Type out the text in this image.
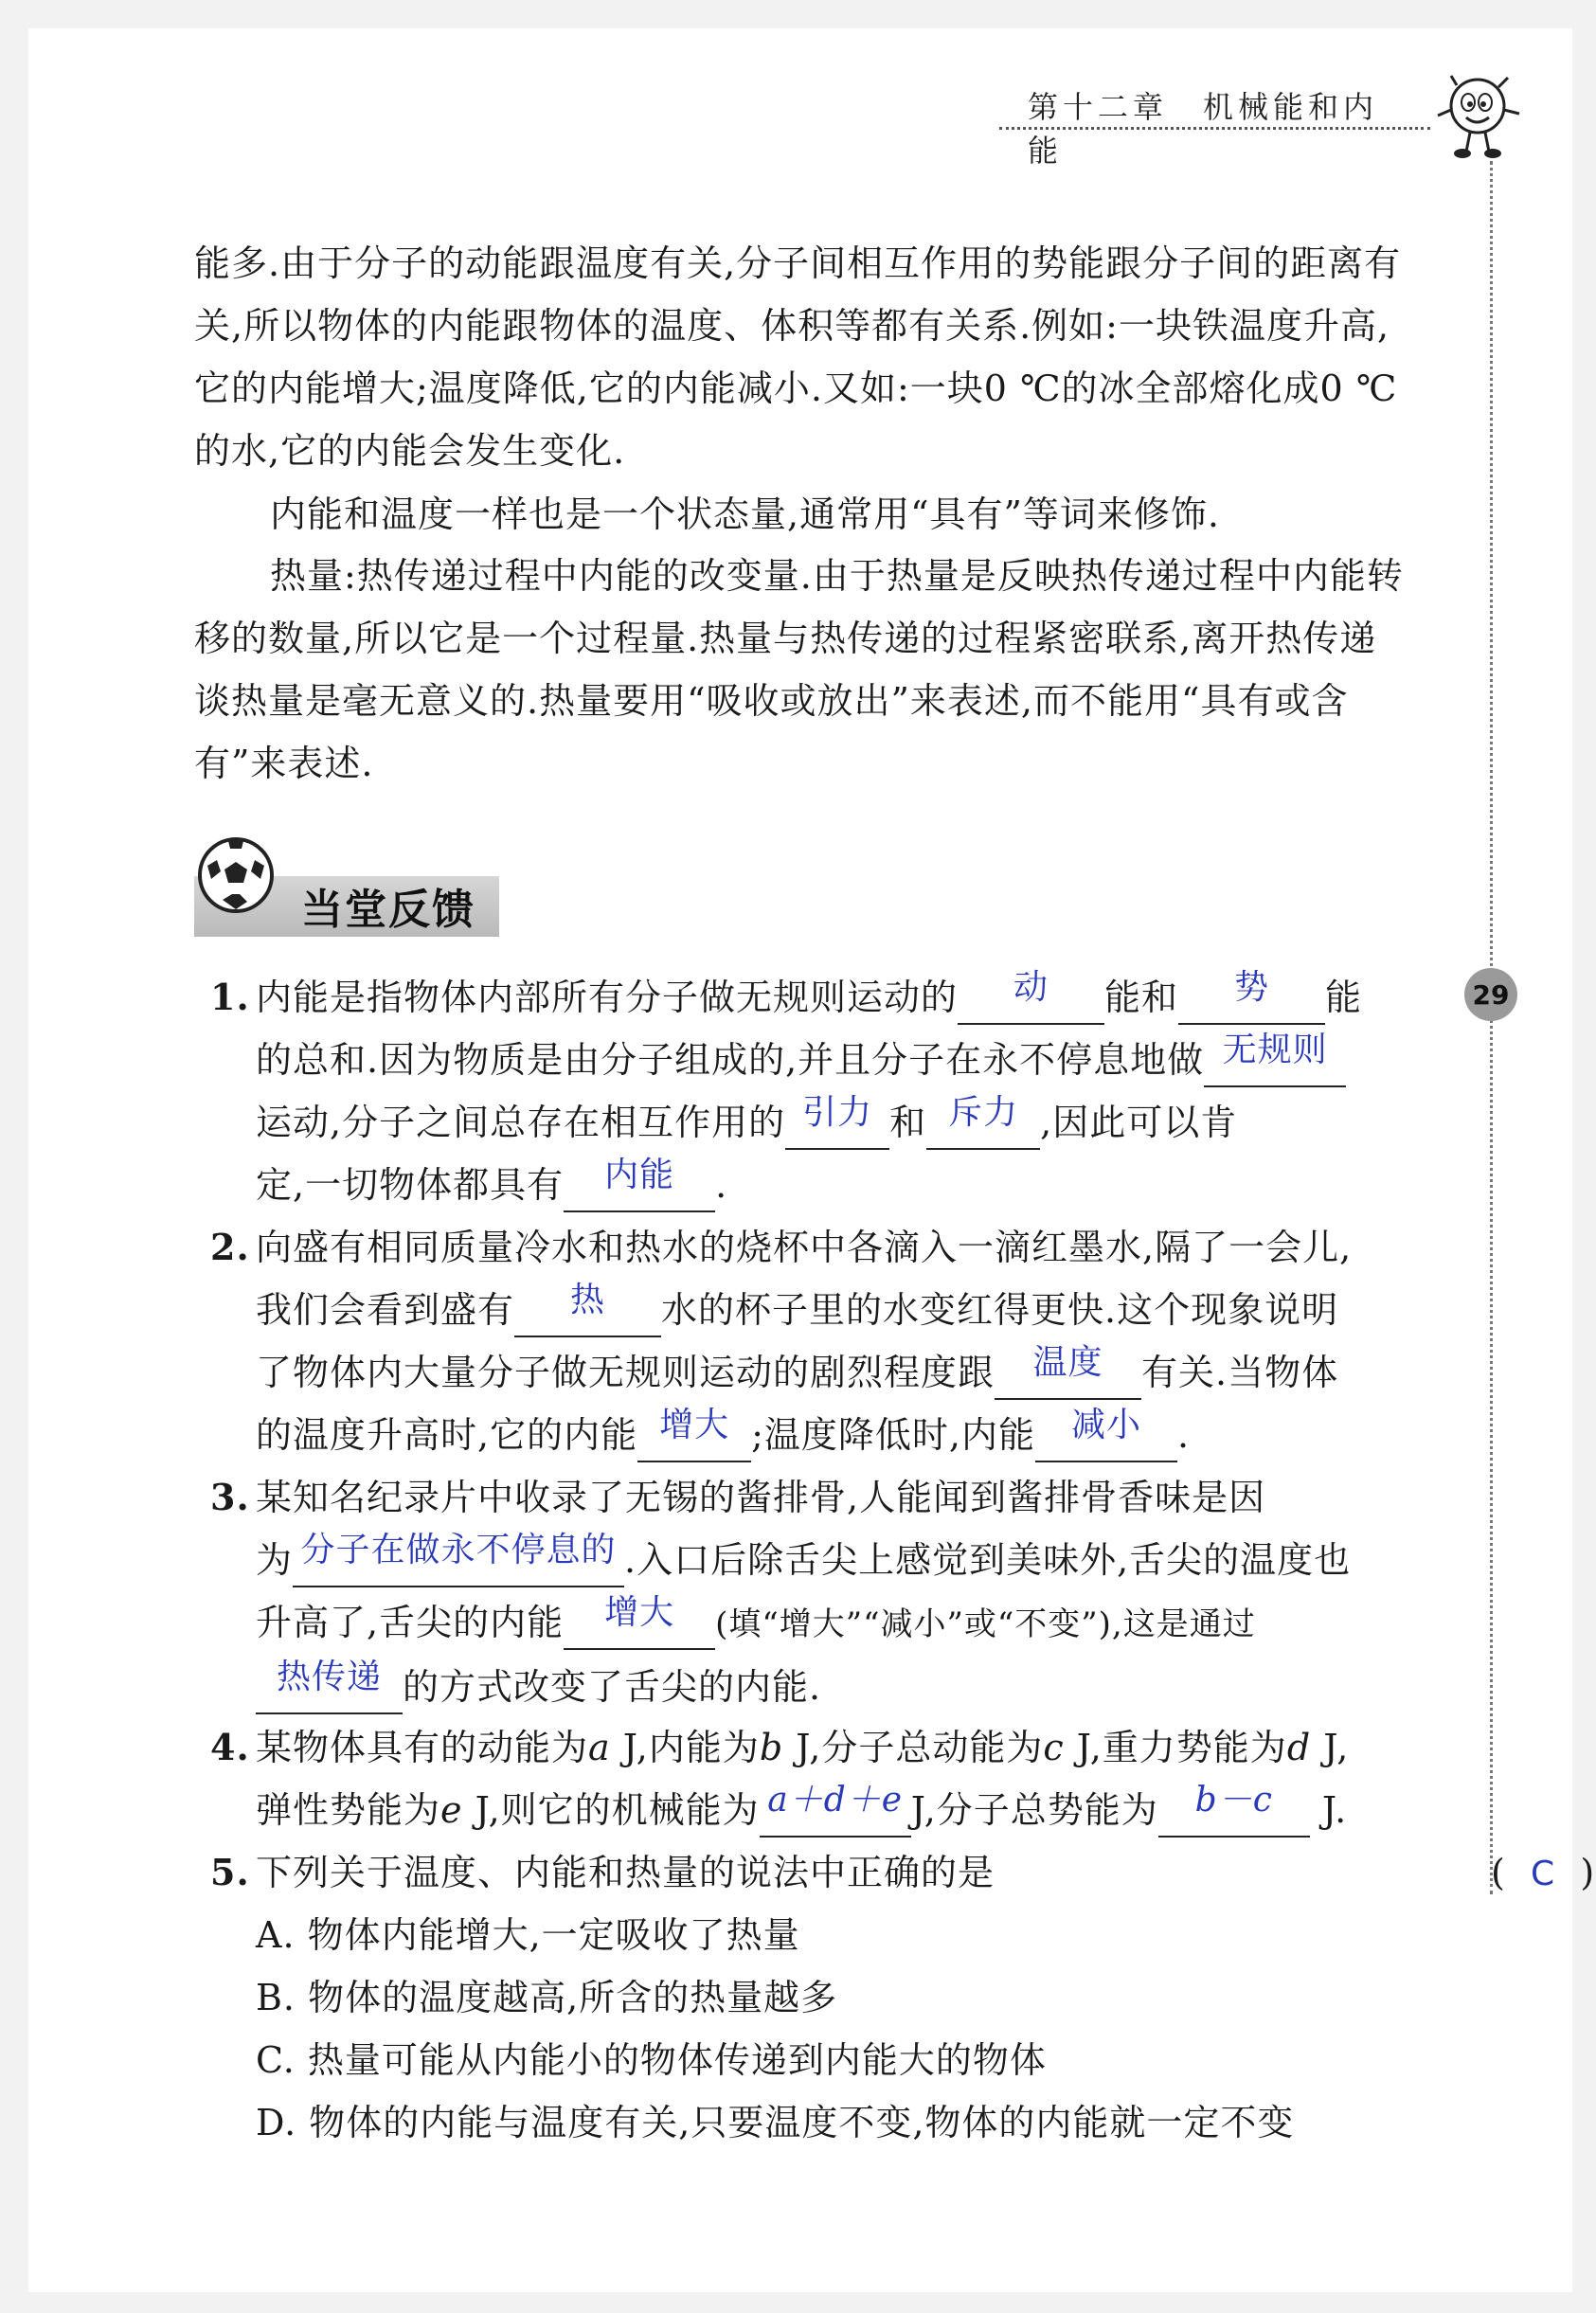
第十二章　机械能和内能
29
能多.由于分子的动能跟温度有关,分子间相互作用的势能跟分子间的距离有关,所以物体的内能跟物体的温度、体积等都有关系.例如:一块铁温度升高,它的内能增大;温度降低,它的内能减小.又如:一块0 ℃的冰全部熔化成0 ℃的水,它的内能会发生变化.
内能和温度一样也是一个状态量,通常用“具有”等词来修饰.
热量:热传递过程中内能的改变量.由于热量是反映热传递过程中内能转移的数量,所以它是一个过程量.热量与热传递的过程紧密联系,离开热传递谈热量是毫无意义的.热量要用“吸收或放出”来表述,而不能用“具有或含有”来表述.
当堂反馈
1. 内能是指物体内部所有分子做无规则运动的 动 能和 势 能
的总和.因为物质是由分子组成的,并且分子在永不停息地做 无规则
运动,分子之间总存在相互作用的 引力 和 斥力 ,因此可以肯
定,一切物体都具有 内能 .
2. 向盛有相同质量冷水和热水的烧杯中各滴入一滴红墨水,隔了一会儿,
我们会看到盛有 热 水的杯子里的水变红得更快.这个现象说明
了物体内大量分子做无规则运动的剧烈程度跟 温度 有关.当物体
的温度升高时,它的内能 增大 ;温度降低时,内能 减小 .
3. 某知名纪录片中收录了无锡的酱排骨,人能闻到酱排骨香味是因
为 分子在做永不停息的 .入口后除舌尖上感觉到美味外,舌尖的温度也
升高了,舌尖的内能 增大 (填“增大”“减小”或“不变”),这是通过
热传递 的方式改变了舌尖的内能.
4. 某物体具有的动能为a J,内能为b J,分子总动能为c J,重力势能为d J,
弹性势能为e J,则它的机械能为 a＋d＋e J,分子总势能为 b－c J.
5. 下列关于温度、内能和热量的说法中正确的是	( C )
A. 物体内能增大,一定吸收了热量
B. 物体的温度越高,所含的热量越多
C. 热量可能从内能小的物体传递到内能大的物体
D. 物体的内能与温度有关,只要温度不变,物体的内能就一定不变
